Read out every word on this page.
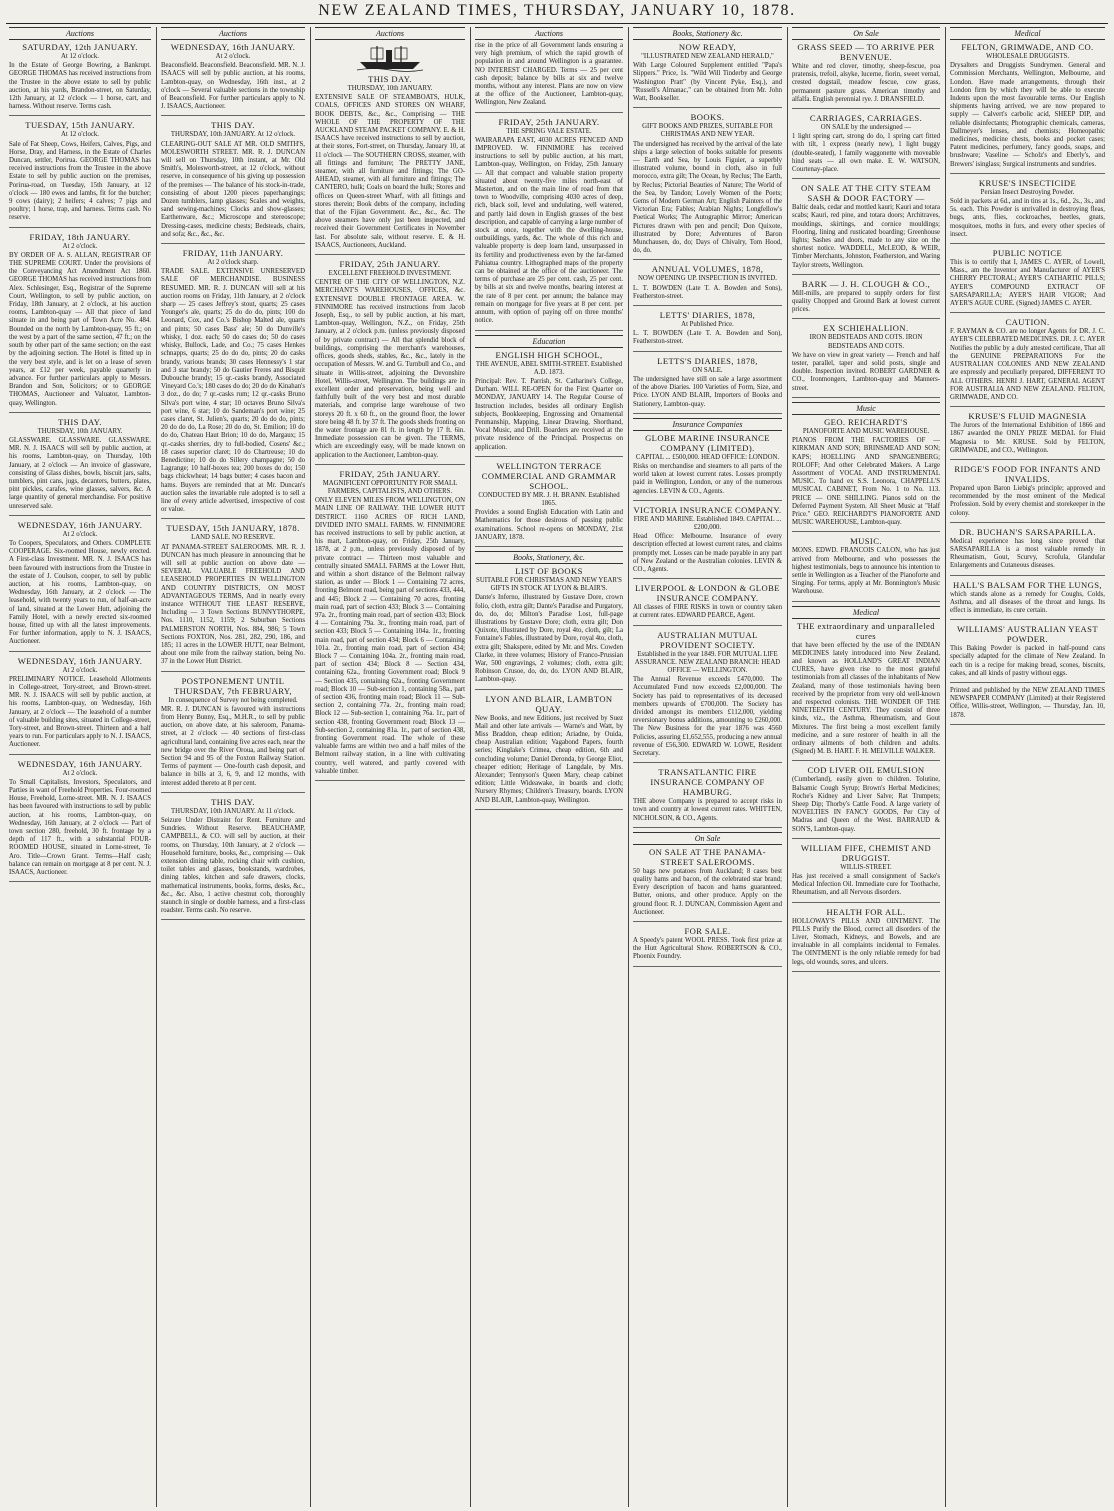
NEW ZEALAND TIMES, THURSDAY, JANUARY 10, 1878.
Auctions

SATURDAY, 12th JANUARY.

At 12 o'clock.

In the Estate of George Bowring, a Bankrupt. GEORGE THOMAS has received instructions from the Trustee in the above estate to sell by public auction, at his yards, Brandon-street, on Saturday, 12th January, at 12 o'clock — 1 horse, cart, and harness. Without reserve. Terms cash.

TUESDAY, 15th JANUARY.

At 12 o'clock.

Sale of Fat Sheep, Cows, Heifers, Calves, Pigs, and Horse, Dray, and Harness, in the Estate of Charles Duncan, settler, Porirua. GEORGE THOMAS has received instructions from the Trustee in the above Estate to sell by public auction on the premises, Porirua-road, on Tuesday, 15th January, at 12 o'clock — 180 ewes and lambs, fit for the butcher; 9 cows (dairy); 2 heifers; 4 calves; 7 pigs and poultry; 1 horse, trap, and harness. Terms cash. No reserve.

FRIDAY, 18th JANUARY.

At 2 o'clock.

BY ORDER OF A. S. ALLAN, REGISTRAR OF THE SUPREME COURT. Under the provisions of the Conveyancing Act Amendment Act 1860. GEORGE THOMAS has received instructions from Alex. Schlesinger, Esq., Registrar of the Supreme Court, Wellington, to sell by public auction, on Friday, 18th January, at 2 o'clock, at his auction rooms, Lambton-quay — All that piece of land situate in and being part of Town Acre No. 484. Bounded on the north by Lambton-quay, 95 ft.; on the west by a part of the same section, 47 ft.; on the south by other part of the same section; on the east by the adjoining section. The Hotel is fitted up in the very best style, and is let on a lease of seven years, at £12 per week, payable quarterly in advance. For further particulars apply to Messrs. Brandon and Son, Solicitors; or to GEORGE THOMAS, Auctioneer and Valuator, Lambton-quay, Wellington.

THIS DAY.

THURSDAY, 10th JANUARY.

GLASSWARE. GLASSWARE. GLASSWARE. MR. N. J. ISAACS will sell by public auction, at his rooms, Lambton-quay, on Thursday, 10th January, at 2 o'clock — An invoice of glassware, consisting of Glass dishes, bowls, biscuit jars, salts, tumblers, pint cans, jugs, decanters, butters, plates, pint pickles, carafes, wine glasses, salvers, &c. A large quantity of general merchandise. For positive unreserved sale.

WEDNESDAY, 16th JANUARY.

At 2 o'clock.

To Coopers, Speculators, and Others. COMPLETE COOPERAGE. Six-roomed House, newly erected. A First-class Investment. MR. N. J. ISAACS has been favoured with instructions from the Trustee in the estate of J. Coulson, cooper, to sell by public auction, at his rooms, Lambton-quay, on Wednesday, 16th January, at 2 o'clock — The leasehold, with twenty years to run, of half-an-acre of land, situated at the Lower Hutt, adjoining the Family Hotel, with a newly erected six-roomed house, fitted up with all the latest improvements. For further information, apply to N. J. ISAACS, Auctioneer.

WEDNESDAY, 16th JANUARY.

At 2 o'clock.

PRELIMINARY NOTICE. Leasehold Allotments in College-street, Tory-street, and Brown-street. MR. N. J. ISAACS will sell by public auction, at his rooms, Lambton-quay, on Wednesday, 16th January, at 2 o'clock — The leasehold of a number of valuable building sites, situated in College-street, Tory-street, and Brown-street. Thirteen and a half years to run. For particulars apply to N. J. ISAACS, Auctioneer.

WEDNESDAY, 16th JANUARY.

At 2 o'clock.

To Small Capitalists, Investors, Speculators, and Parties in want of Freehold Properties. Four-roomed House, Freehold, Lorne-street. MR. N. J. ISAACS has been favoured with instructions to sell by public auction, at his rooms, Lambton-quay, on Wednesday, 16th January, at 2 o'clock — Part of town section 280, freehold, 30 ft. frontage by a depth of 117 ft., with a substantial FOUR-ROOMED HOUSE, situated in Lorne-street, Te Aro. Title—Crown Grant. Terms—Half cash; balance can remain on mortgage at 8 per cent. N. J. ISAACS, Auctioneer.

Auctions

WEDNESDAY, 16th JANUARY.

At 2 o'clock.

Beaconsfield. Beaconsfield. Beaconsfield. MR. N. J. ISAACS will sell by public auction, at his rooms, Lambton-quay, on Wednesday, 16th inst., at 2 o'clock — Several valuable sections in the township of Beaconsfield. For further particulars apply to N. J. ISAACS, Auctioneer.

THIS DAY.

THURSDAY, 10th JANUARY. At 12 o'clock.

CLEARING-OUT SALE AT MR. OLD SMITH'S, MOLESWORTH STREET. MR. R. J. DUNCAN will sell on Thursday, 10th instant, at Mr. Old Smith's, Molesworth-street, at 12 o'clock, without reserve, in consequence of his giving up possession of the premises — The balance of his stock-in-trade, consisting of about 1200 pieces paperhangings; Dozen tumblers, lamp glasses; Scales and weights, sand sewing-machines; Clocks and show-glasses; Earthenware, &c.; Microscope and stereoscope; Dressing-cases, medicine chests; Bedsteads, chairs, and sofa; &c., &c., &c.

FRIDAY, 11th JANUARY.

At 2 o'clock sharp.

TRADE SALE. EXTENSIVE UNRESERVED SALE OF MERCHANDISE. BUSINESS RESUMED. MR. R. J. DUNCAN will sell at his auction rooms on Friday, 11th January, at 2 o'clock sharp — 25 cases Jeffrey's stout, quarts; 25 cases Younger's ale, quarts; 25 do do do, pints; 100 do Leonard, Cox, and Co.'s Bishop Malted ale, quarts and pints; 50 cases Bass' ale; 50 do Dunville's whisky, 1 doz. each; 50 do cases do; 50 do cases whisky, Bullock, Lade, and Co.; 75 cases Henkes schnapps, quarts; 25 do do do, pints; 20 do casks brandy, various brands; 30 cases Hennessy's 1 star and 3 star brandy; 50 do Gautier Freres and Bisquit Dubouche brandy; 15 qr.-casks brandy, Associated Vineyard Co.'s; 180 cases do do; 20 do do Kinahan's 3 doz., do do; 7 qr.-casks rum; 12 qr.-casks Bruno Silva's port wine, 4 star; 10 octaves Bruno Silva's port wine, 6 star; 10 do Sandeman's port wine; 25 cases claret, St. Julien's, quarts; 20 do do do, pints; 20 do do do, La Rose; 20 do do, St. Emilion; 10 do do do, Chateau Haut Brion; 10 do do, Margaux; 15 qr.-casks sherries, dry to full-bodied, Cosens' &c.; 18 cases superior claret; 10 do Chartreuse; 10 do Benedictine; 10 do do Sillery champagne; 50 do Lagrange; 10 half-boxes tea; 200 boxes do do; 150 bags chickwheat; 14 bags butter; 4 cases bacon and hams. Buyers are reminded that at Mr. Duncan's auction sales the invariable rule adopted is to sell a line of every article advertised, irrespective of cost or value.

TUESDAY, 15th JANUARY, 1878.

LAND SALE. NO RESERVE.

AT PANAMA-STREET SALEROOMS. MR. R. J. DUNCAN has much pleasure in announcing that he will sell at public auction on above date — SEVERAL VALUABLE FREEHOLD AND LEASEHOLD PROPERTIES IN WELLINGTON AND COUNTRY DISTRICTS, ON MOST ADVANTAGEOUS TERMS, And in nearly every instance WITHOUT THE LEAST RESERVE, Including — 3 Town Sections BUNNYTHORPE, Nos. 1110, 1152, 1159; 2 Suburban Sections PALMERSTON NORTH, Nos. 884, 986; 5 Town Sections FOXTON, Nos. 281, 282, 290, 186, and 185; 11 acres in the LOWER HUTT, near Belmont, about one mile from the railway station, being No. 37 in the Lower Hutt District.

POSTPONEMENT UNTIL THURSDAY, 7th FEBRUARY,

In consequence of Survey not being completed.

MR. R. J. DUNCAN is favoured with instructions from Henry Bunny, Esq., M.H.R., to sell by public auction, on above date, at his saleroom, Panama-street, at 2 o'clock — 40 sections of first-class agricultural land, containing five acres each, near the new bridge over the River Oroua, and being part of Section 94 and 95 of the Foxton Railway Station. Terms of payment — One-fourth cash deposit, and balance in bills at 3, 6, 9, and 12 months, with interest added thereto at 8 per cent.

THIS DAY.

THURSDAY, 10th JANUARY. At 11 o'clock.

Seizure Under Distraint for Rent. Furniture and Sundries. Without Reserve. BEAUCHAMP, CAMPBELL, & CO. will sell by auction, at their rooms, on Thursday, 10th January, at 2 o'clock — Household furniture, books, &c., comprising — Oak extension dining table, rocking chair with cushion, toilet tables and glasses, bookstands, wardrobes, dining tables, kitchen and safe drawers, clocks, mathematical instruments, books, forms, desks, &c., &c., &c. Also, 1 active chestnut cob, thoroughly staunch in single or double harness, and a first-class roadster. Terms cash. No reserve.

Auctions

THIS DAY.

THURSDAY, 10th JANUARY.

EXTENSIVE SALE OF STEAMBOATS, HULK, COALS, OFFICES AND STORES ON WHARF, BOOK DEBTS, &c., &c., Comprising — THE WHOLE OF THE PROPERTY OF THE AUCKLAND STEAM PACKET COMPANY. E. & H. ISAACS have received instructions to sell by auction, at their stores, Fort-street, on Thursday, January 10, at 11 o'clock — The SOUTHERN CROSS, steamer, with all fittings and furniture; The PRETTY JANE, steamer, with all furniture and fittings; The GO-AHEAD, steamer, with all furniture and fittings; The CANTERO, hulk; Coals on board the hulk; Stores and offices on Queen-street Wharf, with all fittings and stores therein; Book debts of the company, including that of the Fijian Government. &c., &c., &c. The above steamers have only just been inspected, and received their Government Certificates in November last. For absolute sale, without reserve. E. & H. ISAACS, Auctioneers, Auckland.

FRIDAY, 25th JANUARY.

EXCELLENT FREEHOLD INVESTMENT.

CENTRE OF THE CITY OF WELLINGTON, N.Z. MERCHANT'S WAREHOUSES, OFFICES, &c. EXTENSIVE DOUBLE FRONTAGE AREA. W. FINNIMORE has received instructions from Jacob Joseph, Esq., to sell by public auction, at his mart, Lambton-quay, Wellington, N.Z., on Friday, 25th January, at 2 o'clock p.m. (unless previously disposed of by private contract) — All that splendid block of buildings, comprising the merchant's warehouses, offices, goods sheds, stables, &c., &c., lately in the occupation of Messrs. W. and G. Turnbull and Co., and situate in Willis-street, adjoining the Devonshire Hotel, Willis-street, Wellington. The buildings are in excellent order and preservation, being well and faithfully built of the very best and most durable materials, and comprise large warehouse of two storeys 20 ft. x 60 ft., on the ground floor, the lower store being 48 ft. by 37 ft. The goods sheds fronting on the water frontage are 81 ft. in length by 17 ft. 6in. Immediate possession can be given. The TERMS, which are exceedingly easy, will be made known on application to the Auctioneer, Lambton-quay.

FRIDAY, 25th JANUARY.

MAGNIFICENT OPPORTUNITY FOR SMALL FARMERS, CAPITALISTS, AND OTHERS.

ONLY ELEVEN MILES FROM WELLINGTON, ON MAIN LINE OF RAILWAY. THE LOWER HUTT DISTRICT. 1160 ACRES OF RICH LAND, DIVIDED INTO SMALL FARMS. W. FINNIMORE has received instructions to sell by public auction, at his mart, Lambton-quay, on Friday, 25th January, 1878, at 2 p.m., unless previously disposed of by private contract — Thirteen most valuable and centrally situated SMALL FARMS at the Lower Hutt, and within a short distance of the Belmont railway station, as under — Block 1 — Containing 72 acres, fronting Belmont road, being part of sections 433, 444, and 445; Block 2 — Containing 70 acres, fronting main road, part of section 433; Block 3 — Containing 97a. 2r., fronting main road, part of section 433; Block 4 — Containing 79a. 3r., fronting main road, part of section 433; Block 5 — Containing 104a. 1r., fronting main road, part of section 434; Block 6 — Containing 101a. 2r., fronting main road, part of section 434; Block 7 — Containing 104a. 2r., fronting main road, part of section 434; Block 8 — Section 434, containing 62a., fronting Government road; Block 9 — Section 435, containing 62a., fronting Government road; Block 10 — Sub-section 1, containing 58a., part of section 436, fronting main road; Block 11 — Sub-section 2, containing 77a. 2r., fronting main road; Block 12 — Sub-section 1, containing 76a. 1r., part of section 438, fronting Government road; Block 13 — Sub-section 2, containing 81a. 1r., part of section 438, fronting Government road. The whole of these valuable farms are within two and a half miles of the Belmont railway station, in a line with cultivating country, well watered, and partly covered with valuable timber.

Auctions

rise in the price of all Government lands ensuring a very high premium, of which the rapid growth of population in and around Wellington is a guarantee. NO INTEREST CHARGED. Terms — 25 per cent cash deposit; balance by bills at six and twelve months, without any interest. Plans are now on view at the office of the Auctioneer, Lambton-quay, Wellington, New Zealand.

FRIDAY, 25th JANUARY.

THE SPRING VALE ESTATE.

WAIRARAPA EAST, 4030 ACRES FENCED AND IMPROVED. W. FINNIMORE has received instructions to sell by public auction, at his mart, Lambton-quay, Wellington, on Friday, 25th January — All that compact and valuable station property situated about twenty-five miles north-east of Masterton, and on the main line of road from that town to Woodville, comprising 4030 acres of deep, rich, black soil, level and undulating, well watered, and partly laid down in English grasses of the best description, and capable of carrying a large number of stock at once, together with the dwelling-house, outbuildings, yards, &c. The whole of this rich and valuable property is deep loam land, unsurpassed in its fertility and productiveness even by the far-famed Pahiatua country. Lithographed maps of the property can be obtained at the office of the auctioneer. The terms of purchase are 25 per cent. cash, 25 per cent. by bills at six and twelve months, bearing interest at the rate of 8 per cent. per annum; the balance may remain on mortgage for five years at 8 per cent. per annum, with option of paying off on three months' notice.

Education

ENGLISH HIGH SCHOOL,

THE AVENUE, ABEL SMITH-STREET. Established A.D. 1873.

Principal: Rev. T. Parrish, St. Catharine's College, Durham. WILL RE-OPEN for the First Quarter on MONDAY, JANUARY 14. The Regular Course of Instruction includes, besides all ordinary English subjects, Bookkeeping, Engrossing and Ornamental Penmanship, Mapping, Linear Drawing, Shorthand, Vocal Music, and Drill. Boarders are received at the private residence of the Principal. Prospectus on application.

WELLINGTON TERRACE COMMERCIAL AND GRAMMAR SCHOOL.

CONDUCTED BY MR. J. H. BRANN. Established 1865.

Provides a sound English Education with Latin and Mathematics for those desirous of passing public examinations. School re-opens on MONDAY, 21st JANUARY, 1878.

Books, Stationery, &c.

LIST OF BOOKS

SUITABLE FOR CHRISTMAS AND NEW YEAR'S GIFTS IN STOCK AT LYON & BLAIR'S.

Dante's Inferno, illustrated by Gustave Dore, crown folio, cloth, extra gilt; Dante's Paradise and Purgatory, do, do, do; Milton's Paradise Lost, full-page illustrations by Gustave Dore; cloth, extra gilt; Don Quixote, illustrated by Dore, royal 4to, cloth, gilt; La Fontaine's Fables, illustrated by Dore, royal 4to, cloth, extra gilt; Shakspere, edited by Mr. and Mrs. Cowden Clarke, in three volumes; History of Franco-Prussian War, 500 engravings, 2 volumes; cloth, extra gilt; Robinson Crusoe, do, do, do. LYON AND BLAIR, Lambton-quay.

LYON AND BLAIR, LAMBTON QUAY.

New Books, and new Editions, just received by Suez Mail and other late arrivals — Warne's and Watt, by Miss Braddon, cheap edition; Ariadne, by Ouida, cheap Australian edition; Vagabond Papers, fourth series; Kinglake's Crimea, cheap edition, 6th and concluding volume; Daniel Deronda, by George Eliot, cheaper edition; Heritage of Langdale, by Mrs. Alexander; Tennyson's Queen Mary, cheap cabinet edition; Little Wideawake, in boards and cloth; Nursery Rhymes; Children's Treasury, boards. LYON AND BLAIR, Lambton-quay, Wellington.

Books, Stationery &c.

NOW READY,

"ILLUSTRATED NEW ZEALAND HERALD,"

With Large Coloured Supplement entitled "Papa's Slippers." Price, 1s. "Wild Will Tinderby and George Washington Pratt" (by Vincent Pyke, Esq.), and "Russell's Almanac," can be obtained from Mr. John Watt, Bookseller.

BOOKS.

GIFT BOOKS AND PRIZES, SUITABLE FOR CHRISTMAS AND NEW YEAR.

The undersigned has received by the arrival of the late ships a large selection of books suitable for presents — Earth and Sea, by Louis Figuier, a superbly illustrated volume, bound in cloth, also in full morocco, extra gilt; The Ocean, by Reclus; The Earth, by Reclus; Pictorial Beauties of Nature; The World of the Sea, by Tandon; Lovely Women of the Poets; Gems of Modern German Art; English Painters of the Victorian Era; Fables; Arabian Nights; Longfellow's Poetical Works; The Autographic Mirror; American Pictures drawn with pen and pencil; Don Quixote, illustrated by Dore; Adventures of Baron Munchausen, do, do; Days of Chivalry, Tom Hood, do, do.

ANNUAL VOLUMES, 1878,

NOW OPENING UP. INSPECTION IS INVITED.

L. T. BOWDEN (Late T. A. Bowden and Sons), Featherston-street.

LETTS' DIARIES, 1878,

At Published Price.

L. T. BOWDEN (Late T. A. Bowden and Son), Featherston-street.

LETTS'S DIARIES, 1878,

ON SALE.

The undersigned have still on sale a large assortment of the above Diaries. 100 Varieties of Form, Size, and Price. LYON AND BLAIR, Importers of Books and Stationery, Lambton-quay.

Insurance Companies

GLOBE MARINE INSURANCE COMPANY (LIMITED).

CAPITAL ... £500,000. HEAD OFFICE: LONDON.

Risks on merchandise and steamers to all parts of the world taken at lowest current rates. Losses promptly paid in Wellington, London, or any of the numerous agencies. LEVIN & CO., Agents.

VICTORIA INSURANCE COMPANY.

FIRE AND MARINE. Established 1849. CAPITAL ... £200,000.

Head Office: Melbourne. Insurance of every description effected at lowest current rates, and claims promptly met. Losses can be made payable in any part of New Zealand or the Australian colonies. LEVIN & CO., Agents.

LIVERPOOL & LONDON & GLOBE INSURANCE COMPANY.

All classes of FIRE RISKS in town or country taken at current rates. EDWARD PEARCE, Agent.

AUSTRALIAN MUTUAL PROVIDENT SOCIETY.

Established in the year 1849. FOR MUTUAL LIFE ASSURANCE. NEW ZEALAND BRANCH: HEAD OFFICE — WELLINGTON.

The Annual Revenue exceeds £470,000. The Accumulated Fund now exceeds £2,000,000. The Society has paid to representatives of its deceased members upwards of £700,000. The Society has divided amongst its members £112,000, yielding reversionary bonus additions, amounting to £260,000. The New Business for the year 1876 was 4560 Policies, assuring £1,652,555, producing a new annual revenue of £56,300. EDWARD W. LOWE, Resident Secretary.

TRANSATLANTIC FIRE INSURANCE COMPANY OF HAMBURG.

THE above Company is prepared to accept risks in town and country at lowest current rates. WHITTEN, NICHOLSON, & CO., Agents.

On Sale

ON SALE AT THE PANAMA-STREET SALEROOMS.

50 bags new potatoes from Auckland; 8 cases best quality hams and bacon, of the celebrated star brand; Every description of bacon and hams guaranteed. Butter, onions, and other produce. Apply on the ground floor. R. J. DUNCAN, Commission Agent and Auctioneer.

FOR SALE.

A Speedy's patent WOOL PRESS. Took first prize at the Hutt Agricultural Show. ROBERTSON & CO., Phoenix Foundry.

On Sale

GRASS SEED — TO ARRIVE PER BENVENUE.

White and red clover, timothy, sheep-fescue, poa pratensis, trefoil, alsyke, lucerne, fiorin, sweet vernal, crested dogstail, meadow fescue, cow grass, permanent pasture grass. American timothy and alfalfa. English perennial rye. J. DRANSFIELD.

CARRIAGES, CARRIAGES.

ON SALE by the undersigned —

1 light spring cart, strong do do, 1 spring cart fitted with tilt, 1 express (nearly new), 1 light buggy (double-seated), 1 family waggonette with moveable hind seats — all own make. E. W. WATSON, Courtenay-place.

ON SALE AT THE CITY STEAM SASH & DOOR FACTORY —

Baltic deals, cedar and mottled kauri; Kauri and totara scabs; Kauri, red pine, and totara doors; Architraves, mouldings, skirtings, and cornice mouldings; Flooring, lining and rusticated boarding; Greenhouse lights; Sashes and doors, made to any size on the shortest notice. WADDELL, McLEOD, & WEIR, Timber Merchants, Johnston, Featherston, and Waring Taylor streets, Wellington.

BARK — J. H. CLOUGH & CO.,

Mill-mills, are prepared to supply orders for first quality Chopped and Ground Bark at lowest current prices.

EX SCHIEHALLION.

IRON BEDSTEADS AND COTS. IRON BEDSTEADS AND COTS.

We have on view in great variety — French and half tester, parallel, taper and solid posts, single and double. Inspection invited. ROBERT GARDNER & CO., Ironmongers, Lambton-quay and Manners-street.

Music

GEO. REICHARDT'S

PIANOFORTE AND MUSIC WAREHOUSE.

PIANOS FROM THE FACTORIES OF — KIRKMAN AND SON; BRINSMEAD AND SON; KAPS; HOELLING AND SPANGENBERG; ROLOFF; And other Celebrated Makers. A Large Assortment of VOCAL AND INSTRUMENTAL MUSIC. To hand ex S.S. Leonora, CHAPPELL'S MUSICAL CABINET, From No. 1 to No. 113. PRICE — ONE SHILLING. Pianos sold on the Deferred Payment System. All Sheet Music at "Half Price." GEO. REICHARDT'S PIANOFORTE AND MUSIC WAREHOUSE, Lambton-quay.

MUSIC.

MONS. EDWD. FRANCOIS CALON, who has just arrived from Melbourne, and who possesses the highest testimonials, begs to announce his intention to settle in Wellington as a Teacher of the Pianoforte and Singing. For terms, apply at Mr. Bonnington's Music Warehouse.

Medical

THE extraordinary and unparalleled cures

that have been effected by the use of the INDIAN MEDICINES lately introduced into New Zealand, and known as HOLLAND'S GREAT INDIAN CURES, have given rise to the most grateful testimonials from all classes of the inhabitants of New Zealand, many of those testimonials having been received by the proprietor from very old well-known and respected colonists. THE WONDER OF THE NINETEENTH CENTURY. They consist of three kinds, viz., the Asthma, Rheumatism, and Gout Mixtures. The first being a most excellent family medicine, and a sure restorer of health in all the ordinary ailments of both children and adults. (Signed) M. B. HART. F. H. MELVILLE WALKER.

COD LIVER OIL EMULSION

(Cumberland), easily given to children. Tolutine, Balsamic Cough Syrup; Brown's Herbal Medicines; Roche's Kidney and Liver Salve; Rat Trumpets; Sheep Dip; Thorby's Cattle Food. A large variety of NOVELTIES IN FANCY GOODS, Per City of Madras and Queen of the West. BARRAUD & SON'S, Lambton-quay.

WILLIAM FIFE, CHEMIST AND DRUGGIST.

WILLIS-STREET.

Has just received a small consignment of Sacke's Medical Infection Oil. Immediate cure for Toothache, Rheumatism, and all Nervous disorders.

HEALTH FOR ALL.

HOLLOWAY'S PILLS AND OINTMENT. The PILLS Purify the Blood, correct all disorders of the Liver, Stomach, Kidneys, and Bowels, and are invaluable in all complaints incidental to Females. The OINTMENT is the only reliable remedy for bad legs, old wounds, sores, and ulcers.

Medical

FELTON, GRIMWADE, AND CO.

WHOLESALE DRUGGISTS.

Drysalters and Druggists Sundrymen. General and Commission Merchants, Wellington, Melbourne, and London. Have made arrangements, through their London firm by which they will be able to execute Indents upon the most favourable terms. Our English shipments having arrived, we are now prepared to supply — Calvert's carbolic acid, SHEEP DIP, and reliable disinfectants; Photographic chemicals, cameras, Dallmeyer's lenses, and chemists; Homeopathic medicines, medicine chests, books and pocket cases; Patent medicines, perfumery, fancy goods, soaps, and brushware; Vaseline — Scholz's and Eberly's, and Brewers' isinglass; Surgical instruments and sundries.

KRUSE'S INSECTICIDE

Persian Insect Destroying Powder.

Sold in packets at 6d., and in tins at 1s., 6d., 2s., 3s., and 5s. each. This Powder is unrivalled in destroying fleas, bugs, ants, flies, cockroaches, beetles, gnats, mosquitoes, moths in furs, and every other species of insect.

PUBLIC NOTICE

This is to certify that I, JAMES C. AYER, of Lowell, Mass., am the Inventor and Manufacturer of AYER'S CHERRY PECTORAL; AYER'S CATHARTIC PILLS; AYER'S COMPOUND EXTRACT OF SARSAPARILLA; AYER'S HAIR VIGOR; And AYER'S AGUE CURE. (Signed) JAMES C. AYER.

CAUTION.

F. RAYMAN & CO. are no longer Agents for DR. J. C. AYER'S CELEBRATED MEDICINES. DR. J. C. AYER Notifies the public by a duly attested certificate, That all the GENUINE PREPARATIONS For the AUSTRALIAN COLONIES AND NEW ZEALAND are expressly and peculiarly prepared, DIFFERENT TO ALL OTHERS. HENRI J. HART, GENERAL AGENT FOR AUSTRALIA AND NEW ZEALAND. FELTON, GRIMWADE, AND CO.

KRUSE'S FLUID MAGNESIA

The Jurors of the International Exhibition of 1866 and 1867 awarded the ONLY PRIZE MEDAL for Fluid Magnesia to Mr. KRUSE. Sold by FELTON, GRIMWADE, and CO., Wellington.

RIDGE'S FOOD FOR INFANTS AND INVALIDS.

Prepared upon Baron Liebig's principle; approved and recommended by the most eminent of the Medical Profession. Sold by every chemist and storekeeper in the colony.

DR. BUCHAN'S SARSAPARILLA.

Medical experience has long since proved that SARSAPARILLA is a most valuable remedy in Rheumatism, Gout, Scurvy, Scrofula, Glandular Enlargements and Cutaneous diseases.

HALL'S BALSAM FOR THE LUNGS,

which stands alone as a remedy for Coughs, Colds, Asthma, and all diseases of the throat and lungs. Its effect is immediate, its cure certain.

WILLIAMS' AUSTRALIAN YEAST POWDER.

This Baking Powder is packed in half-pound cans specially adapted for the climate of New Zealand. In each tin is a recipe for making bread, scones, biscuits, cakes, and all kinds of pastry without eggs.

Printed and published by the NEW ZEALAND TIMES NEWSPAPER COMPANY (Limited) at their Registered Office, Willis-street, Wellington, — Thursday, Jan. 10, 1878.
